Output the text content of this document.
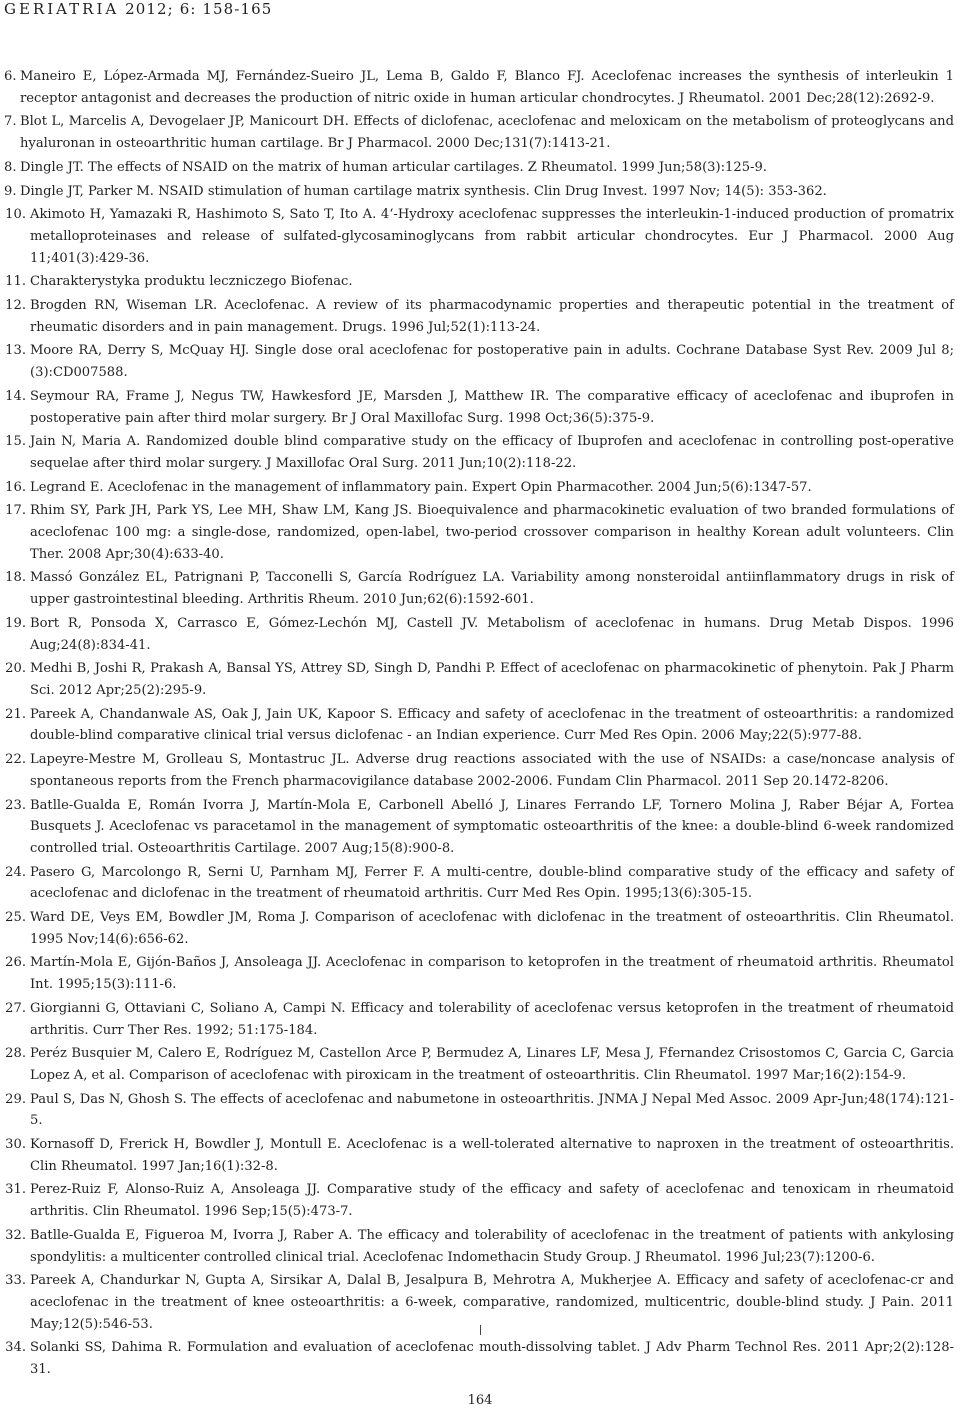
GERIATRIA 2012; 6: 158-165
6. Maneiro E, López-Armada MJ, Fernández-Sueiro JL, Lema B, Galdo F, Blanco FJ. Aceclofenac increases the synthesis of interleukin 1 receptor antagonist and decreases the production of nitric oxide in human articular chondrocytes. J Rheumatol. 2001 Dec;28(12):2692-9.
7. Blot L, Marcelis A, Devogelaer JP, Manicourt DH. Effects of diclofenac, aceclofenac and meloxicam on the metabolism of proteoglycans and hyaluronan in osteoarthritic human cartilage. Br J Pharmacol. 2000 Dec;131(7):1413-21.
8. Dingle JT. The effects of NSAID on the matrix of human articular cartilages. Z Rheumatol. 1999 Jun;58(3):125-9.
9. Dingle JT, Parker M. NSAID stimulation of human cartilage matrix synthesis. Clin Drug Invest. 1997 Nov; 14(5): 353-362.
10. Akimoto H, Yamazaki R, Hashimoto S, Sato T, Ito A. 4‘-Hydroxy aceclofenac suppresses the interleukin-1-induced production of promatrix metalloproteinases and release of sulfated-glycosaminoglycans from rabbit articular chondrocytes. Eur J Pharmacol. 2000 Aug 11;401(3):429-36.
11. Charakterystyka produktu leczniczego Biofenac.
12. Brogden RN, Wiseman LR. Aceclofenac. A review of its pharmacodynamic properties and therapeutic potential in the treatment of rheumatic disorders and in pain management. Drugs. 1996 Jul;52(1):113-24.
13. Moore RA, Derry S, McQuay HJ. Single dose oral aceclofenac for postoperative pain in adults. Cochrane Database Syst Rev. 2009 Jul 8;(3):CD007588.
14. Seymour RA, Frame J, Negus TW, Hawkesford JE, Marsden J, Matthew IR. The comparative efficacy of aceclofenac and ibuprofen in postoperative pain after third molar surgery. Br J Oral Maxillofac Surg. 1998 Oct;36(5):375-9.
15. Jain N, Maria A. Randomized double blind comparative study on the efficacy of Ibuprofen and aceclofenac in controlling post-operative sequelae after third molar surgery. J Maxillofac Oral Surg. 2011 Jun;10(2):118-22.
16. Legrand E. Aceclofenac in the management of inflammatory pain. Expert Opin Pharmacother. 2004 Jun;5(6):1347-57.
17. Rhim SY, Park JH, Park YS, Lee MH, Shaw LM, Kang JS. Bioequivalence and pharmacokinetic evaluation of two branded formulations of aceclofenac 100 mg: a single-dose, randomized, open-label, two-period crossover comparison in healthy Korean adult volunteers. Clin Ther. 2008 Apr;30(4):633-40.
18. Massó González EL, Patrignani P, Tacconelli S, García Rodríguez LA. Variability among nonsteroidal antiinflammatory drugs in risk of upper gastrointestinal bleeding. Arthritis Rheum. 2010 Jun;62(6):1592-601.
19. Bort R, Ponsoda X, Carrasco E, Gómez-Lechón MJ, Castell JV. Metabolism of aceclofenac in humans. Drug Metab Dispos. 1996 Aug;24(8):834-41.
20. Medhi B, Joshi R, Prakash A, Bansal YS, Attrey SD, Singh D, Pandhi P. Effect of aceclofenac on pharmacokinetic of phenytoin. Pak J Pharm Sci. 2012 Apr;25(2):295-9.
21. Pareek A, Chandanwale AS, Oak J, Jain UK, Kapoor S. Efficacy and safety of aceclofenac in the treatment of osteoarthritis: a randomized double-blind comparative clinical trial versus diclofenac - an Indian experience. Curr Med Res Opin. 2006 May;22(5):977-88.
22. Lapeyre-Mestre M, Grolleau S, Montastruc JL. Adverse drug reactions associated with the use of NSAIDs: a case/noncase analysis of spontaneous reports from the French pharmacovigilance database 2002-2006. Fundam Clin Pharmacol. 2011 Sep 20.1472-8206.
23. Batlle-Gualda E, Román Ivorra J, Martín-Mola E, Carbonell Abelló J, Linares Ferrando LF, Tornero Molina J, Raber Béjar A, Fortea Busquets J. Aceclofenac vs paracetamol in the management of symptomatic osteoarthritis of the knee: a double-blind 6-week randomized controlled trial. Osteoarthritis Cartilage. 2007 Aug;15(8):900-8.
24. Pasero G, Marcolongo R, Serni U, Parnham MJ, Ferrer F. A multi-centre, double-blind comparative study of the efficacy and safety of aceclofenac and diclofenac in the treatment of rheumatoid arthritis. Curr Med Res Opin. 1995;13(6):305-15.
25. Ward DE, Veys EM, Bowdler JM, Roma J. Comparison of aceclofenac with diclofenac in the treatment of osteoarthritis. Clin Rheumatol. 1995 Nov;14(6):656-62.
26. Martín-Mola E, Gijón-Baños J, Ansoleaga JJ. Aceclofenac in comparison to ketoprofen in the treatment of rheumatoid arthritis. Rheumatol Int. 1995;15(3):111-6.
27. Giorgianni G, Ottaviani C, Soliano A, Campi N. Efficacy and tolerability of aceclofenac versus ketoprofen in the treatment of rheumatoid arthritis. Curr Ther Res. 1992; 51:175-184.
28. Peréz Busquier M, Calero E, Rodríguez M, Castellon Arce P, Bermudez A, Linares LF, Mesa J, Ffernandez Crisostomos C, Garcia C, Garcia Lopez A, et al. Comparison of aceclofenac with piroxicam in the treatment of osteoarthritis. Clin Rheumatol. 1997 Mar;16(2):154-9.
29. Paul S, Das N, Ghosh S. The effects of aceclofenac and nabumetone in osteoarthritis. JNMA J Nepal Med Assoc. 2009 Apr-Jun;48(174):121-5.
30. Kornasoff D, Frerick H, Bowdler J, Montull E. Aceclofenac is a well-tolerated alternative to naproxen in the treatment of osteoarthritis. Clin Rheumatol. 1997 Jan;16(1):32-8.
31. Perez-Ruiz F, Alonso-Ruiz A, Ansoleaga JJ. Comparative study of the efficacy and safety of aceclofenac and tenoxicam in rheumatoid arthritis. Clin Rheumatol. 1996 Sep;15(5):473-7.
32. Batlle-Gualda E, Figueroa M, Ivorra J, Raber A. The efficacy and tolerability of aceclofenac in the treatment of patients with ankylosing spondylitis: a multicenter controlled clinical trial. Aceclofenac Indomethacin Study Group. J Rheumatol. 1996 Jul;23(7):1200-6.
33. Pareek A, Chandurkar N, Gupta A, Sirsikar A, Dalal B, Jesalpura B, Mehrotra A, Mukherjee A. Efficacy and safety of aceclofenac-cr and aceclofenac in the treatment of knee osteoarthritis: a 6-week, comparative, randomized, multicentric, double-blind study. J Pain. 2011 May;12(5):546-53.
34. Solanki SS, Dahima R. Formulation and evaluation of aceclofenac mouth-dissolving tablet. J Adv Pharm Technol Res. 2011 Apr;2(2):128-31.
164
